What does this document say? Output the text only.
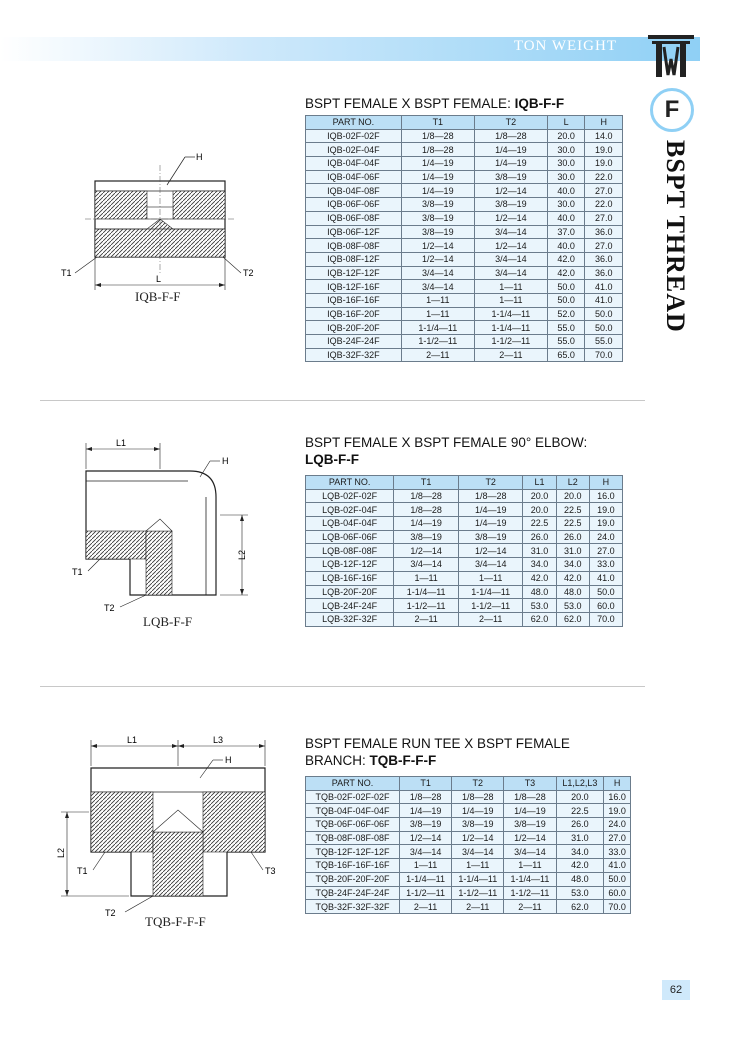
TON WEIGHT
F
BSPT THREAD
BSPT FEMALE X BSPT FEMALE: IQB-F-F
H
T1	T2
L
IQB-F-F
PART NO.	T1	T2	L	H
IQB-02F-02F	1/8—28	1/8—28	20.0	14.0
IQB-02F-04F	1/8—28	1/4—19	30.0	19.0
IQB-04F-04F	1/4—19	1/4—19	30.0	19.0
IQB-04F-06F	1/4—19	3/8—19	30.0	22.0
IQB-04F-08F	1/4—19	1/2—14	40.0	27.0
IQB-06F-06F	3/8—19	3/8—19	30.0	22.0
IQB-06F-08F	3/8—19	1/2—14	40.0	27.0
IQB-06F-12F	3/8—19	3/4—14	37.0	36.0
IQB-08F-08F	1/2—14	1/2—14	40.0	27.0
IQB-08F-12F	1/2—14	3/4—14	42.0	36.0
IQB-12F-12F	3/4—14	3/4—14	42.0	36.0
IQB-12F-16F	3/4—14	1—11	50.0	41.0
IQB-16F-16F	1—11	1—11	50.0	41.0
IQB-16F-20F	1—11	1-1/4—11	52.0	50.0
IQB-20F-20F	1-1/4—11	1-1/4—11	55.0	50.0
IQB-24F-24F	1-1/2—11	1-1/2—11	55.0	55.0
IQB-32F-32F	2—11	2—11	65.0	70.0
BSPT FEMALE X BSPT FEMALE 90° ELBOW:
LQB-F-F
L1
H
L2
T1
T2
LQB-F-F
PART NO.	T1	T2	L1	L2	H
LQB-02F-02F	1/8—28	1/8—28	20.0	20.0	16.0
LQB-02F-04F	1/8—28	1/4—19	20.0	22.5	19.0
LQB-04F-04F	1/4—19	1/4—19	22.5	22.5	19.0
LQB-06F-06F	3/8—19	3/8—19	26.0	26.0	24.0
LQB-08F-08F	1/2—14	1/2—14	31.0	31.0	27.0
LQB-12F-12F	3/4—14	3/4—14	34.0	34.0	33.0
LQB-16F-16F	1—11	1—11	42.0	42.0	41.0
LQB-20F-20F	1-1/4—11	1-1/4—11	48.0	48.0	50.0
LQB-24F-24F	1-1/2—11	1-1/2—11	53.0	53.0	60.0
LQB-32F-32F	2—11	2—11	62.0	62.0	70.0
BSPT FEMALE RUN TEE X BSPT FEMALE
BRANCH: TQB-F-F-F
L1	L3
H
L2
T1	T3
T2
TQB-F-F-F
PART NO.	T1	T2	T3	L1,L2,L3	H
TQB-02F-02F-02F	1/8—28	1/8—28	1/8—28	20.0	16.0
TQB-04F-04F-04F	1/4—19	1/4—19	1/4—19	22.5	19.0
TQB-06F-06F-06F	3/8—19	3/8—19	3/8—19	26.0	24.0
TQB-08F-08F-08F	1/2—14	1/2—14	1/2—14	31.0	27.0
TQB-12F-12F-12F	3/4—14	3/4—14	3/4—14	34.0	33.0
TQB-16F-16F-16F	1—11	1—11	1—11	42.0	41.0
TQB-20F-20F-20F	1-1/4—11	1-1/4—11	1-1/4—11	48.0	50.0
TQB-24F-24F-24F	1-1/2—11	1-1/2—11	1-1/2—11	53.0	60.0
TQB-32F-32F-32F	2—11	2—11	2—11	62.0	70.0
62
